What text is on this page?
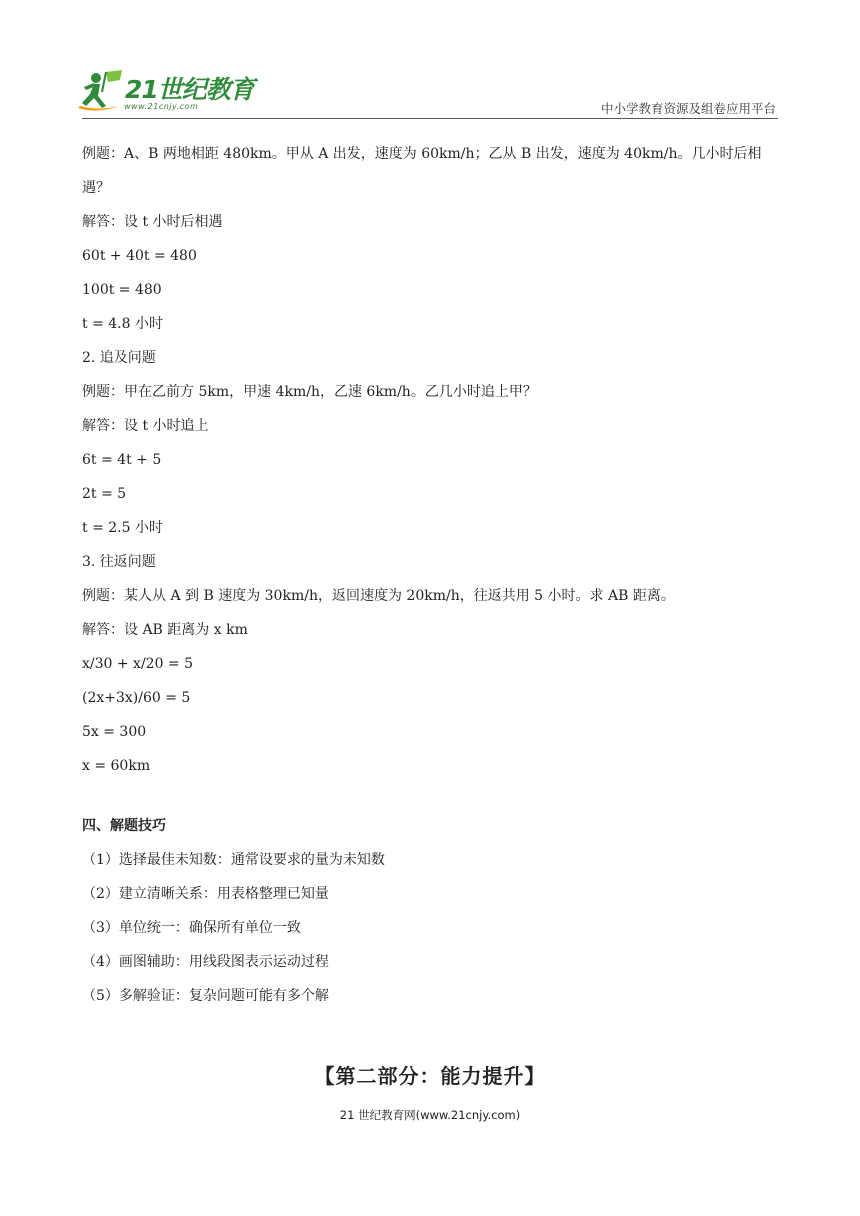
21世纪教育
www.21cnjy.com	中小学教育资源及组卷应用平台
例题：A、B 两地相距 480km。甲从 A 出发，速度为 60km/h；乙从 B 出发，速度为 40km/h。几小时后相遇？
解答：设 t 小时后相遇
60t + 40t = 480
100t = 480
t = 4.8 小时
2. 追及问题
例题：甲在乙前方 5km，甲速 4km/h，乙速 6km/h。乙几小时追上甲？
解答：设 t 小时追上
6t = 4t + 5
2t = 5
t = 2.5 小时
3. 往返问题
例题：某人从 A 到 B 速度为 30km/h，返回速度为 20km/h，往返共用 5 小时。求 AB 距离。
解答：设 AB 距离为 x km
x/30 + x/20 = 5
(2x+3x)/60 = 5
5x = 300
x = 60km
四、解题技巧
（1）选择最佳未知数：通常设要求的量为未知数
（2）建立清晰关系：用表格整理已知量
（3）单位统一：确保所有单位一致
（4）画图辅助：用线段图表示运动过程
（5）多解验证：复杂问题可能有多个解
【第二部分：能力提升】
21 世纪教育网(www.21cnjy.com)
